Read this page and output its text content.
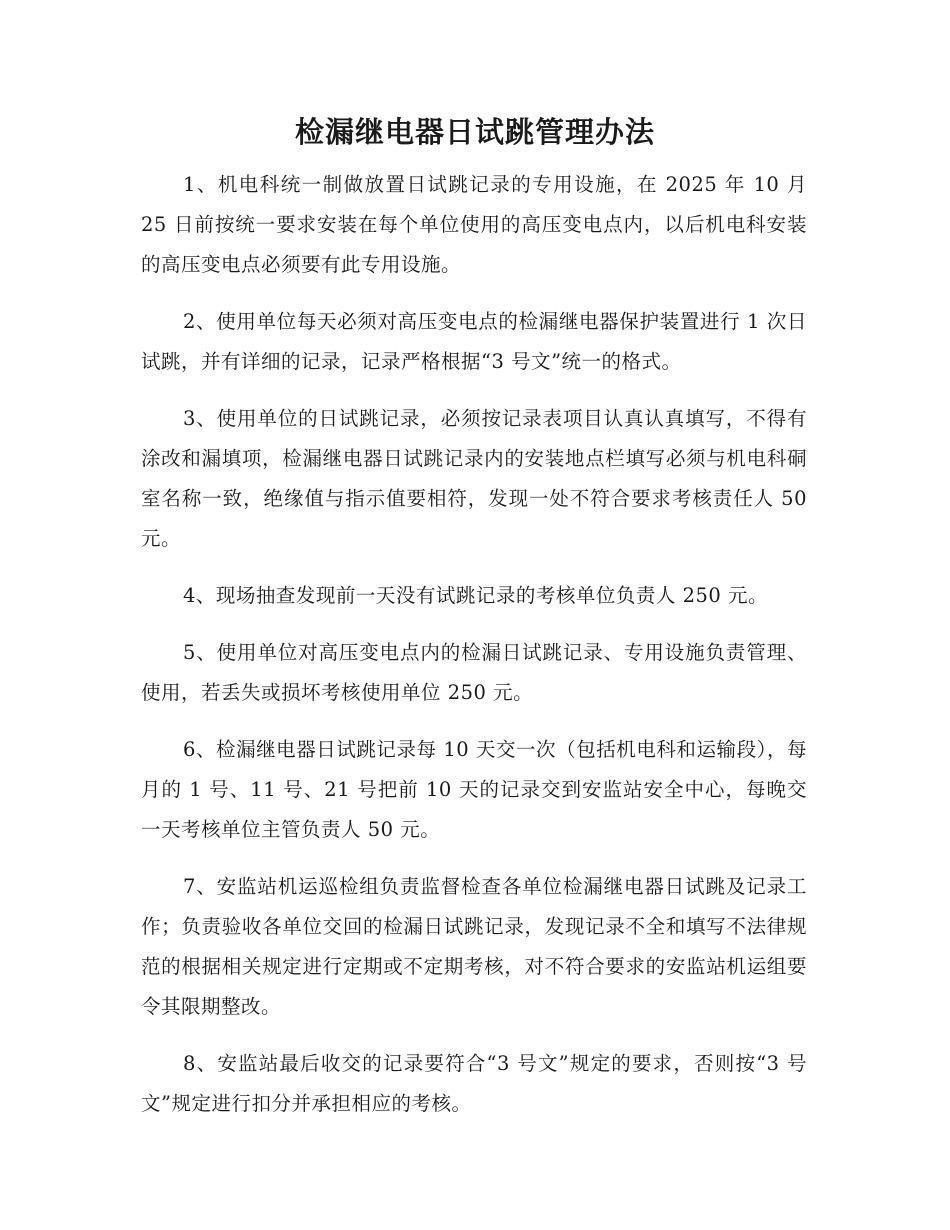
检漏继电器日试跳管理办法

1、机电科统一制做放置日试跳记录的专用设施，在 2025 年 10 月 25 日前按统一要求安装在每个单位使用的高压变电点内，以后机电科安装的高压变电点必须要有此专用设施。

2、使用单位每天必须对高压变电点的检漏继电器保护装置进行 1 次日试跳，并有详细的记录，记录严格根据“3 号文”统一的格式。

3、使用单位的日试跳记录，必须按记录表项目认真认真填写，不得有涂改和漏填项，检漏继电器日试跳记录内的安装地点栏填写必须与机电科硐室名称一致，绝缘值与指示值要相符，发现一处不符合要求考核责任人 50 元。

4、现场抽查发现前一天没有试跳记录的考核单位负责人 250 元。

5、使用单位对高压变电点内的检漏日试跳记录、专用设施负责管理、使用，若丢失或损坏考核使用单位 250 元。

6、检漏继电器日试跳记录每 10 天交一次（包括机电科和运输段），每月的 1 号、11 号、21 号把前 10 天的记录交到安监站安全中心，每晚交一天考核单位主管负责人 50 元。

7、安监站机运巡检组负责监督检查各单位检漏继电器日试跳及记录工作；负责验收各单位交回的检漏日试跳记录，发现记录不全和填写不法律规范的根据相关规定进行定期或不定期考核，对不符合要求的安监站机运组要令其限期整改。

8、安监站最后收交的记录要符合“3 号文”规定的要求，否则按“3 号文”规定进行扣分并承担相应的考核。
